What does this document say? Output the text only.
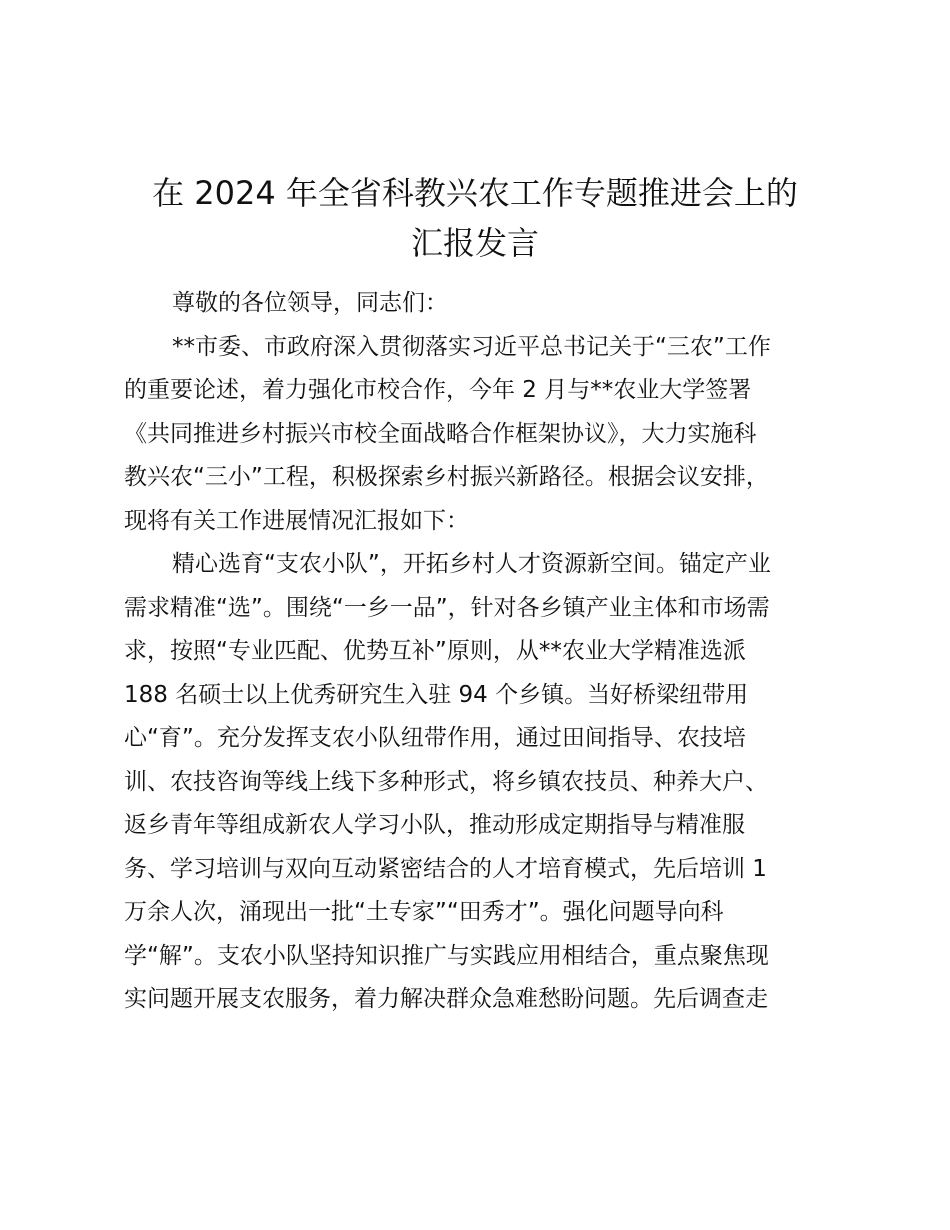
在 2024 年全省科教兴农工作专题推进会上的
汇报发言
尊敬的各位领导，同志们：
**市委、市政府深入贯彻落实习近平总书记关于“三农”工作
的重要论述，着力强化市校合作，今年 2 月与**农业大学签署
《共同推进乡村振兴市校全面战略合作框架协议》，大力实施科
教兴农“三小”工程，积极探索乡村振兴新路径。根据会议安排，
现将有关工作进展情况汇报如下：
精心选育“支农小队”，开拓乡村人才资源新空间。锚定产业
需求精准“选”。围绕“一乡一品”，针对各乡镇产业主体和市场需
求，按照“专业匹配、优势互补”原则，从**农业大学精准选派
188 名硕士以上优秀研究生入驻 94 个乡镇。当好桥梁纽带用
心“育”。充分发挥支农小队纽带作用，通过田间指导、农技培
训、农技咨询等线上线下多种形式，将乡镇农技员、种养大户、
返乡青年等组成新农人学习小队，推动形成定期指导与精准服
务、学习培训与双向互动紧密结合的人才培育模式，先后培训 1
万余人次，涌现出一批“土专家”“田秀才”。强化问题导向科
学“解”。支农小队坚持知识推广与实践应用相结合，重点聚焦现
实问题开展支农服务，着力解决群众急难愁盼问题。先后调查走
